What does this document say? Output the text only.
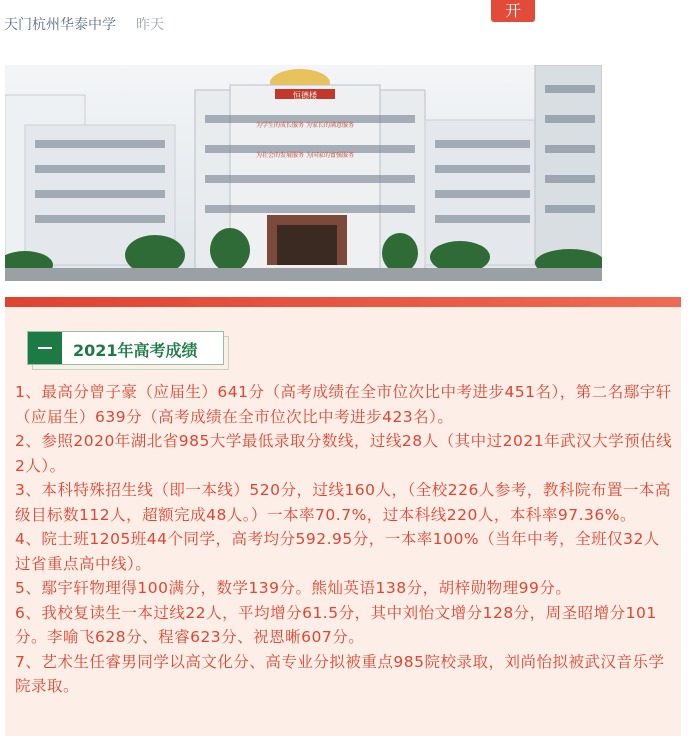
天门杭州华泰中学 昨天
开
恒德楼
为学生的成长服务 为家长的满意服务
为社会的发展服务 为国家的富强服务
2021年高考成绩
1、最高分曾子豪（应届生）641分（高考成绩在全市位次比中考进步451名），第二名鄢宇轩（应届生）639分（高考成绩在全市位次比中考进步423名）。
2、参照2020年湖北省985大学最低录取分数线，过线28人（其中过2021年武汉大学预估线2人）。
3、本科特殊招生线（即一本线）520分，过线160人，（全校226人参考，教科院布置一本高级目标数112人，超额完成48人。）一本率70.7%，过本科线220人，本科率97.36%。
4、院士班1205班44个同学，高考均分592.95分，一本率100%（当年中考，全班仅32人过省重点高中线）。
5、鄢宇轩物理得100满分，数学139分。熊灿英语138分，胡梓勋物理99分。
6、我校复读生一本过线22人，平均增分61.5分，其中刘怡文增分128分，周圣昭增分101分。李喻飞628分、程睿623分、祝恩晰607分。
7、艺术生任睿男同学以高文化分、高专业分拟被重点985院校录取，刘尚怡拟被武汉音乐学院录取。
